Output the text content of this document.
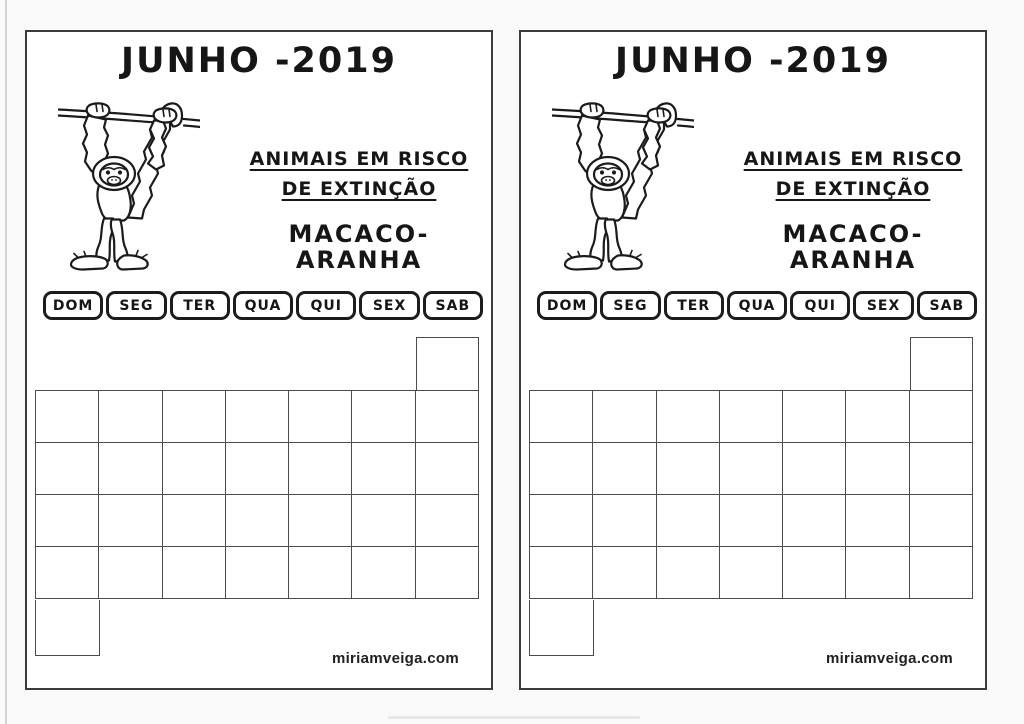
JUNHO -2019
ANIMAIS EM RISCO
DE EXTINÇÃO
MACACO-ARANHA
DOM	SEG	TER	QUA	QUI	SEX	SAB
miriamveiga.com
JUNHO -2019
ANIMAIS EM RISCO
DE EXTINÇÃO
MACACO-ARANHA
DOM	SEG	TER	QUA	QUI	SEX	SAB
miriamveiga.com
